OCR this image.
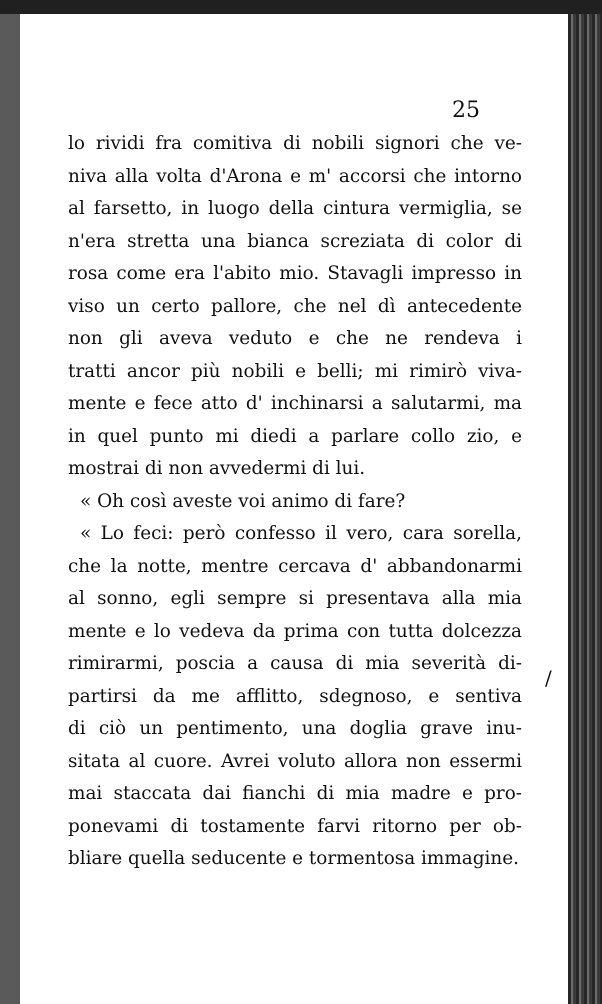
25
lo rividi fra comitiva di nobili signori che ve-
niva alla volta d'Arona e m' accorsi che intorno
al farsetto, in luogo della cintura vermiglia, se
n'era stretta una bianca screziata di color di
rosa come era l'abito mio. Stavagli impresso in
viso un certo pallore, che nel dì antecedente
non gli aveva veduto e che ne rendeva i
tratti ancor più nobili e belli; mi rimirò viva-
mente e fece atto d' inchinarsi a salutarmi, ma
in quel punto mi diedi a parlare collo zio, e
mostrai di non avvedermi di lui.
« Oh così aveste voi animo di fare?
« Lo feci: però confesso il vero, cara sorella,
che la notte, mentre cercava d' abbandonarmi
al sonno, egli sempre si presentava alla mia
mente e lo vedeva da prima con tutta dolcezza
rimirarmi, poscia a causa di mia severità di-
partirsi da me afflitto, sdegnoso, e sentiva
di ciò un pentimento, una doglia grave inu-
sitata al cuore. Avrei voluto allora non essermi
mai staccata dai fianchi di mia madre e pro-
ponevami di tostamente farvi ritorno per ob-
bliare quella seducente e tormentosa immagine.
/
